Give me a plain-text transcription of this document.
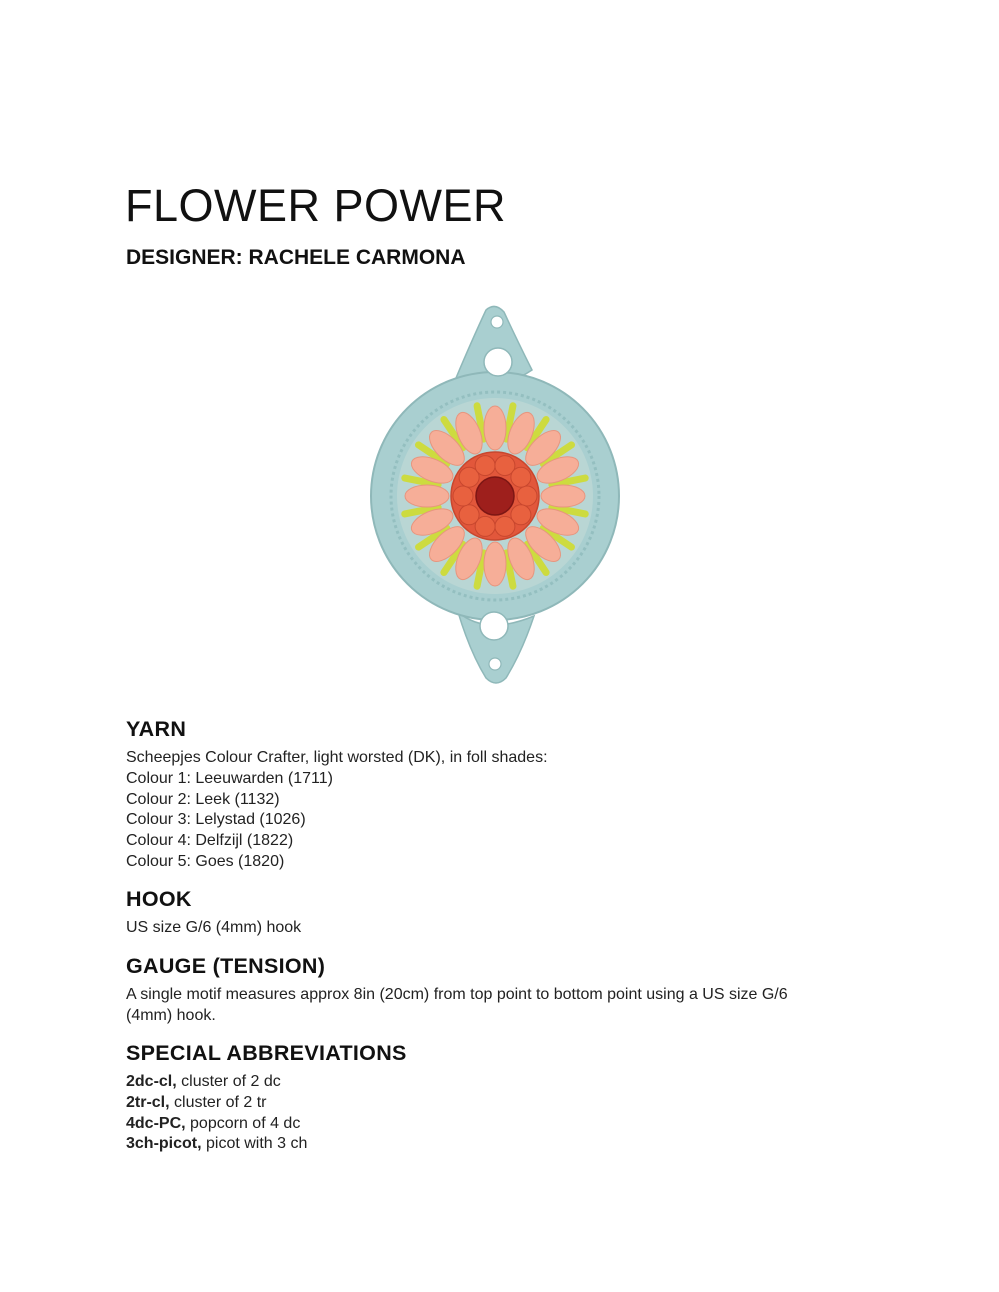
FLOWER POWER
DESIGNER: RACHELE CARMONA
YARN

Scheepjes Colour Crafter, light worsted (DK), in foll shades:

Colour 1: Leeuwarden (1711)

Colour 2: Leek (1132)

Colour 3: Lelystad (1026)

Colour 4: Delfzijl (1822)

Colour 5: Goes (1820)

HOOK

US size G/6 (4mm) hook

GAUGE (TENSION)

A single motif measures approx 8in (20cm) from top point to bottom point using a US size G/6

(4mm) hook.

SPECIAL ABBREVIATIONS

2dc-cl, cluster of 2 dc

2tr-cl, cluster of 2 tr

4dc-PC, popcorn of 4 dc

3ch-picot, picot with 3 ch
